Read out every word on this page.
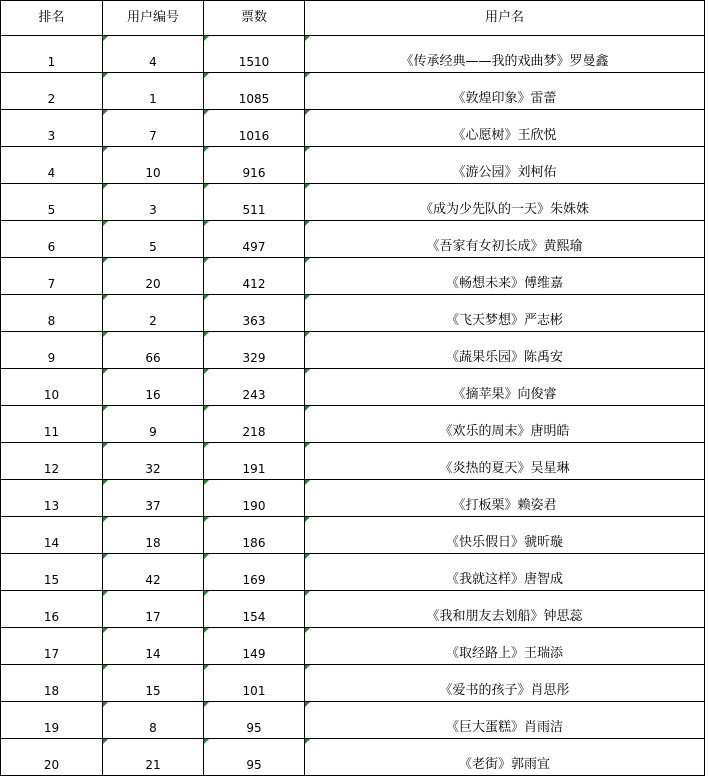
排名	用户编号	票数	用户名
1	4	1510	《传承经典——我的戏曲梦》罗曼鑫
2	1	1085	《敦煌印象》雷蕾
3	7	1016	《心愿树》王欣悦
4	10	916	《游公园》刘柯佑
5	3	511	《成为少先队的一天》朱姝姝
6	5	497	《吾家有女初长成》黄熙瑜
7	20	412	《畅想未来》傅维嘉
8	2	363	《飞天梦想》严志彬
9	66	329	《蔬果乐园》陈禹安
10	16	243	《摘苹果》向俊睿
11	9	218	《欢乐的周末》唐明皓
12	32	191	《炎热的夏天》吴星琳
13	37	190	《打板栗》赖姿君
14	18	186	《快乐假日》虢昕璇
15	42	169	《我就这样》唐智成
16	17	154	《我和朋友去划船》钟思蕊
17	14	149	《取经路上》王瑞添
18	15	101	《爱书的孩子》肖思彤
19	8	95	《巨大蛋糕》肖雨洁
20	21	95	《老街》郭雨宜
